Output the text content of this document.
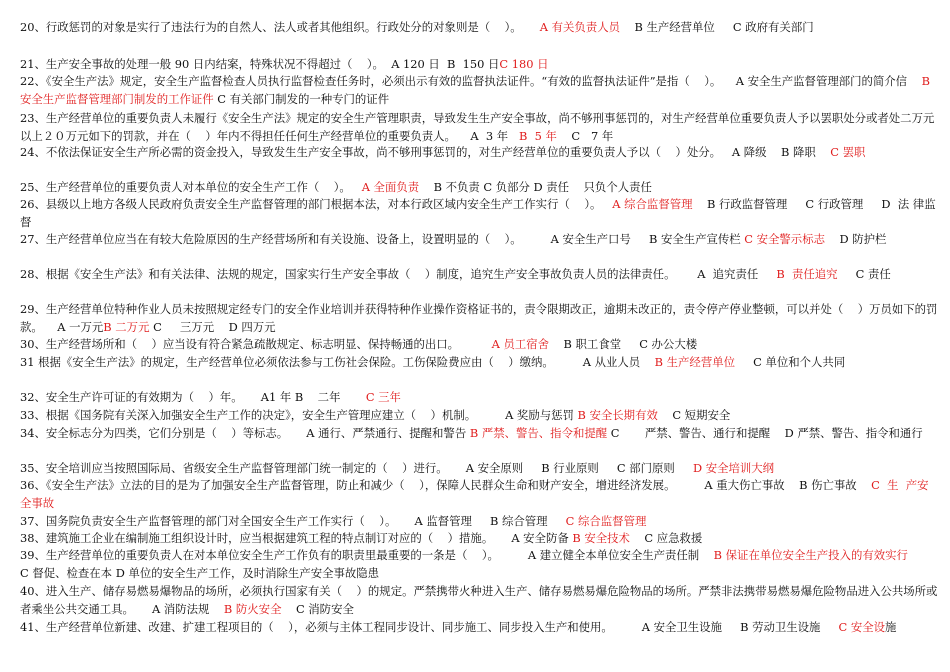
20、行政惩罚的对象是实行了违法行为的自然人、法人或者其他组织。行政处分的对象则是（    ）。     A 有关负责人员    B 生产经营单位     C 政府有关部门
21、生产安全事故的处理一般 90 日内结案，特殊状况不得超过（    ）。  A 120 日  B  150 日C 180 日
22、《安全生产法》规定，安全生产监督检查人员执行监督检查任务时，必须出示有效的监督执法证件。“有效的监督执法证件”是指（    ）。    A 安全生产监督管理部门的简介信    B 安全生产监督管理部门制发的工作证件 C 有关部门制发的一种专门的证件
23、生产经营单位的重要负责人未履行《安全生产法》规定的安全生产管理职责，导致发生生产安全事故，尚不够刑事惩罚的，对生产经营单位重要负责人予以罢职处分或者处二万元以上２０万元如下的罚款，并在（    ）年内不得担任任何生产经营单位的重要负责人。    A  3 年   B  5 年    C   7 年
24、不依法保证安全生产所必需的资金投入，导致发生生产安全事故，尚不够刑事惩罚的，对生产经营单位的重要负责人予以（    ）处分。   A 降级    B 降职    C 罢职
25、生产经营单位的重要负责人对本单位的安全生产工作（    ）。   A 全面负责    B 不负责 C 负部分 D 责任    只负个人责任
26、县级以上地方各级人民政府负责安全生产监督管理的部门根据本法，对本行政区域内安全生产工作实行（    ）。   A 综合监督管理    B 行政监督管理     C 行政管理     D  法 律监督
27、生产经营单位应当在有较大危险原因的生产经营场所和有关设施、设备上，设置明显的（    ）。        A 安全生产口号     B 安全生产宣传栏 C 安全警示标志    D 防护栏
28、根据《安全生产法》和有关法律、法规的规定，国家实行生产安全事故（    ）制度，追究生产安全事故负责人员的法律责任。      A  追究责任     B  责任追究     C 责任
29、生产经营单位特种作业人员未按照规定经专门的安全作业培训并获得特种作业操作资格证书的，责令限期改正，逾期未改正的，责令停产停业整顿，可以并处（    ）万员如下的罚款。    A 一万元B 二万元 C     三万元    D 四万元
30、生产经营场所和（    ）应当设有符合紧急疏散规定、标志明显、保持畅通的出口。         A 员工宿舍    B 职工食堂     C 办公大楼
31 根据《安全生产法》的规定，生产经营单位必须依法参与工伤社会保险。工伤保险费应由（    ）缴纳。        A 从业人员    B 生产经营单位     C 单位和个人共同
32、安全生产许可证的有效期为（    ）年。     A1 年 B    二年       C 三年
33、根据《国务院有关深入加强安全生产工作的决定》，安全生产管理应建立（    ）机制。        A 奖励与惩罚 B 安全长期有效    C 短期安全
34、安全标志分为四类，它们分别是（    ）等标志。     A 通行、严禁通行、提醒和警告 B 严禁、警告、指令和提醒 C       严禁、警告、通行和提醒    D 严禁、警告、指令和通行
35、安全培训应当按照国际局、省级安全生产监督管理部门统一制定的（    ）进行。     A 安全原则     B 行业原则     C 部门原则     D 安全培训大纲
36、《安全生产法》立法的目的是为了加强安全生产监督管理，防止和减少（    ），保障人民群众生命和财产安全，增进经济发展。        A 重大伤亡事故    B 伤亡事故    C  生  产安全事故
37、国务院负责安全生产监督管理的部门对全国安全生产工作实行（    ）。     A 监督管理     B 综合管理     C 综合监督管理
38、建筑施工企业在编制施工组织设计时，应当根据建筑工程的特点制订对应的（    ）措施。     A 安全防备 B 安全技术    C 应急救援
39、生产经营单位的重要负责人在对本单位安全生产工作负有的职责里最重要的一条是（    ）。        A 建立健全本单位安全生产责任制    B 保证在单位安全生产投入的有效实行       C 督促、检查在本 D 单位的安全生产工作，及时消除生产安全事故隐患
40、进入生产、储存易燃易爆物品的场所，必须执行国家有关（    ）的规定。严禁携带火种进入生产、储存易燃易爆危险物品的场所。严禁非法携带易燃易爆危险物品进入公共场所或者乘坐公共交通工具。     A 消防法规    B 防火安全    C 消防安全
41、生产经营单位新建、改建、扩建工程项目的（    ），必须与主体工程同步设计、同步施工、同步投入生产和使用。        A 安全卫生设施     B 劳动卫生设施     C 安全设施
